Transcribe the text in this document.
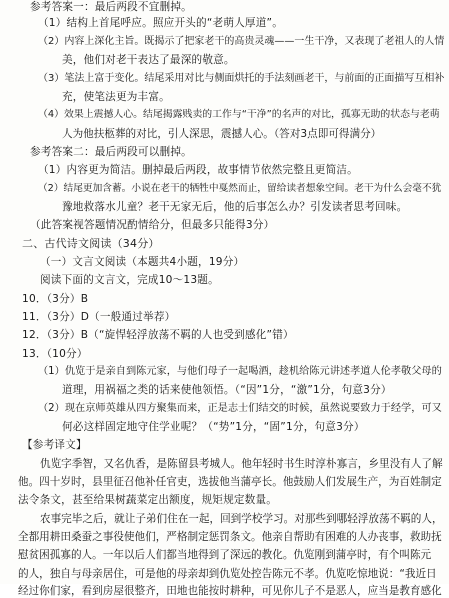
参考答案一：最后两段不宜删掉。
（1）结构上首尾呼应。照应开头的“老萌人厚道”。
（2）内容上深化主旨。既揭示了把家老干的高贵灵魂——一生干净，又表现了老祖人的人情
美，他们对老干表达了最深的敬意。
（3）笔法上富于变化。结尾采用对比与侧面烘托的手法刻画老干，与前面的正面描写互相补
充，使笔法更为丰富。
（4）效果上震撼人心。结尾揭露贱卖的工作与“干净”的名声的对比，孤寡无助的状态与老萌
人为他扶柩葬的对比，引人深思，震撼人心。（答对3点即可得满分）
参考答案二：最后两段可以删掉。
（1）内容更为简洁。删掉最后两段，故事情节依然完整且更简洁。
（2）结尾更加含蓄。小说在老干的牺牲中戛然而止，留给读者想象空间。老干为什么会毫不犹
豫地救落水儿童？老干无家无后，他的后事怎么办？引发读者思考回味。
（此答案视答题情况酌情给分，但最多只能得3分）
二、古代诗文阅读（34分）
（一）文言文阅读（本题共4小题，19分）
阅读下面的文言文，完成10～13题。
10．（3分）B
11．（3分）D（一般通过举荐）
12．（3分）B（“旋悍轻浮放荡不羁的人也受到感化”错）
13．（10分）
（1）仇览于是亲自到陈元家，与他们母子一起喝酒，趁机给陈元讲述孝道人伦孝敬父母的
道理，用祸福之类的话来使他领悟。（“因”1分，“激”1分，句意3分）
（2）现在京师英雄从四方聚集而来，正是志士们结交的时候，虽然说要致力于经学，可又
何必这样固定地守住学业呢？（“势”1分，“固”1分，句意3分）
【参考译文】
仇览字季智，又名仇香，是陈留县考城人。他年轻时书生时淳朴寡言，乡里没有人了解
他。四十岁时，县里征召他补任官吏，选拔他当蒲亭长。他鼓励人们发展生产，为百姓制定
法令条文，甚至给果树蔬菜定出额度，规矩规定数量。
农事完毕之后，就让子弟们住在一起，回到学校学习。对那些到哪轻浮放荡不羁的人，
全都用耕田桑蚕之事役使他们，严格制定惩罚条文。他亲自帮助有困难的人办丧事，救助抚
慰贫困孤寡的人。一年以后人们都当地得到了深远的教化。仇览刚到蒲亭时，有个叫陈元
的人，独自与母亲居住，可是他的母亲却到仇览处控告陈元不孝。仇览吃惊地说：“我近日
经过你们家，看到房屋很整齐，田地也能按时耕种，可见你儿子不是恶人，应当是教育感化
